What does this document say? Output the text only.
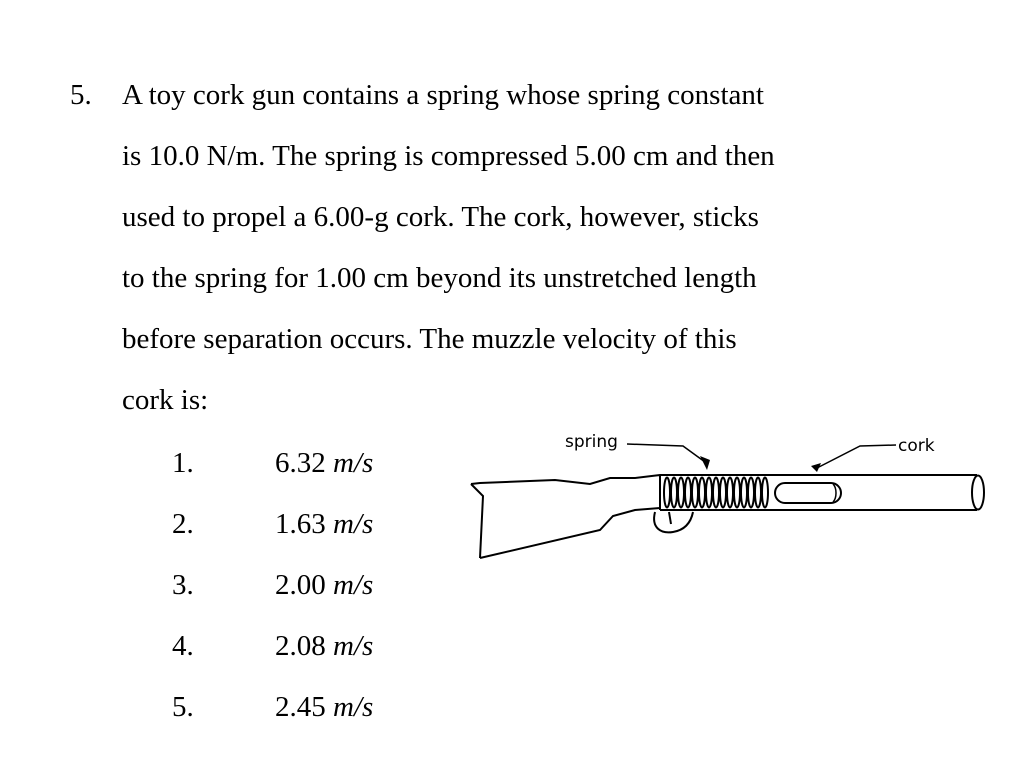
5. A toy cork gun contains a spring whose spring constant
is 10.0 N/m. The spring is compressed 5.00 cm and then
used to propel a 6.00-g cork. The cork, however, sticks
to the spring for 1.00 cm beyond its unstretched length
before separation occurs. The muzzle velocity of this
cork is:
1.	6.32 m/s
2.	1.63 m/s
3.	2.00 m/s
4.	2.08 m/s
5.	2.45 m/s
spring	cork
